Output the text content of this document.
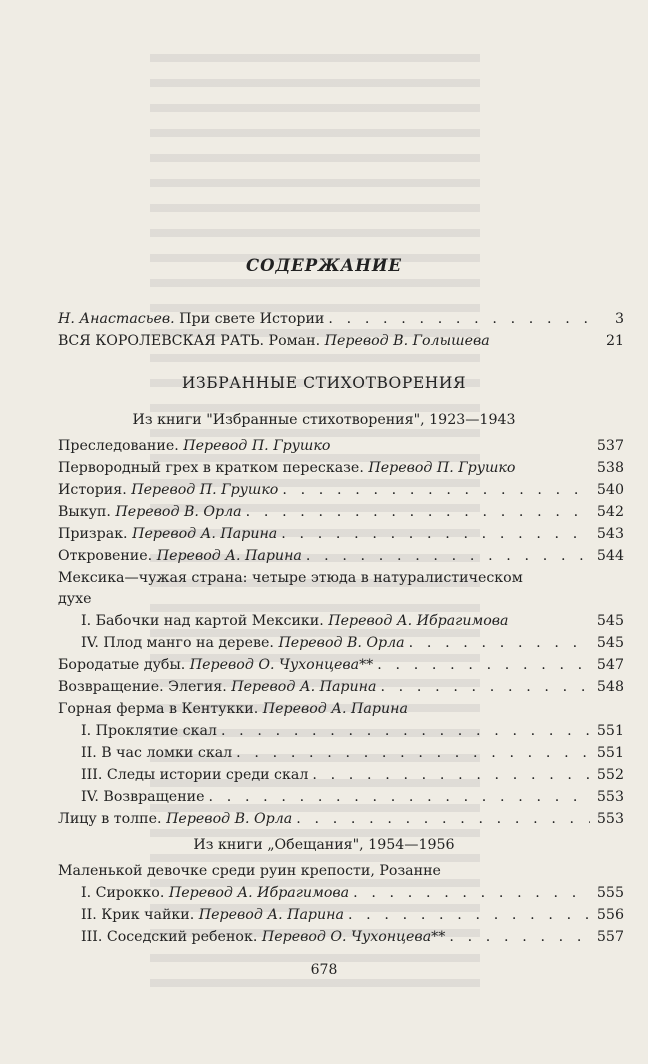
СОДЕРЖАНИЕ
Н. Анастасьев. При свете Истории . . .	3
ВСЯ КОРОЛЕВСКАЯ РАТЬ. Роман. Перевод В. Голышева	21
ИЗБРАННЫЕ СТИХОТВОРЕНИЯ
Из книги "Избранные стихотворения", 1923—1943
Преследование. Перевод П. Грушко	537
Первородный грех в кратком пересказе. Перевод П. Грушко	538
История. Перевод П. Грушко . . .	540
Выкуп. Перевод В. Орла . . .	542
Призрак. Перевод А. Парина . . .	543
Откровение. Перевод А. Парина . . .	544
Мексика—чужая страна: четыре этюда в натуралистическом
духе
I. Бабочки над картой Мексики. Перевод А. Ибрагимова	545
IV. Плод манго на дереве. Перевод В. Орла . . .	545
Бородатые дубы. Перевод О. Чухонцева** . . .	547
Возвращение. Элегия. Перевод А. Парина . . .	548
Горная ферма в Кентукки. Перевод А. Парина
I. Проклятие скал . . .	551
II. В час ломки скал . . .	551
III. Следы истории среди скал . . .	552
IV. Возвращение . . .	553
Лицу в толпе. Перевод В. Орла . . .	553
Из книги „Обещания", 1954—1956
Маленькой девочке среди руин крепости, Розанне
I. Сирокко. Перевод А. Ибрагимова . . .	555
II. Крик чайки. Перевод А. Парина . . .	556
III. Соседский ребенок. Перевод О. Чухонцева** . . .	557
678
